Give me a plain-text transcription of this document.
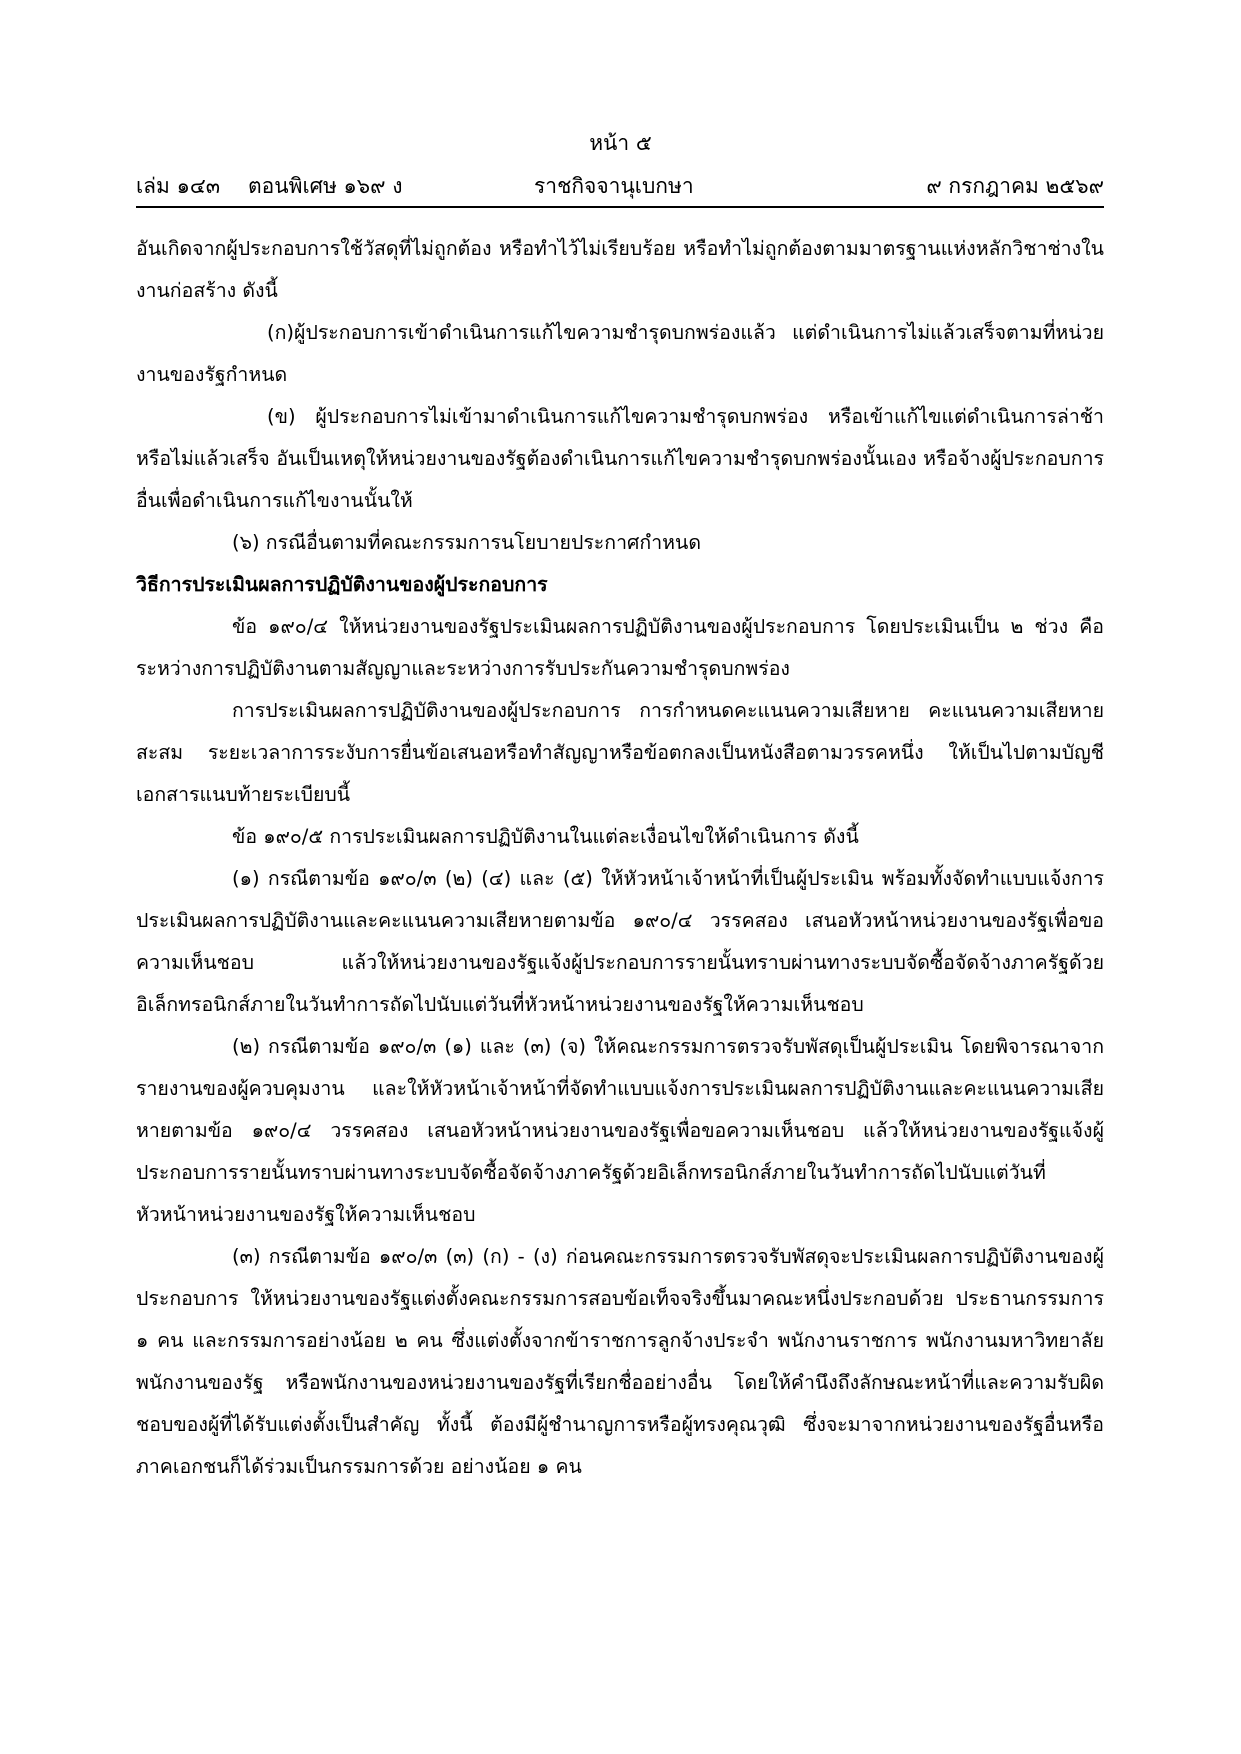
หน้า ๕
เล่ม ๑๔๓ ตอนพิเศษ ๑๖๙ ง	ราชกิจจานุเบกษา	๙ กรกฎาคม ๒๕๖๙

อันเกิดจากผู้ประกอบการใช้วัสดุที่ไม่ถูกต้อง หรือทำไว้ไม่เรียบร้อย หรือทำไม่ถูกต้องตามมาตรฐานแห่งหลักวิชาช่างในงานก่อสร้าง ดังนี้

(ก)ผู้ประกอบการเข้าดำเนินการแก้ไขความชำรุดบกพร่องแล้ว แต่ดำเนินการไม่แล้วเสร็จตามที่หน่วยงานของรัฐกำหนด

(ข) ผู้ประกอบการไม่เข้ามาดำเนินการแก้ไขความชำรุดบกพร่อง หรือเข้าแก้ไขแต่ดำเนินการล่าช้าหรือไม่แล้วเสร็จ อันเป็นเหตุให้หน่วยงานของรัฐต้องดำเนินการแก้ไขความชำรุดบกพร่องนั้นเอง หรือจ้างผู้ประกอบการอื่นเพื่อดำเนินการแก้ไขงานนั้นให้

(๖) กรณีอื่นตามที่คณะกรรมการนโยบายประกาศกำหนด

วิธีการประเมินผลการปฏิบัติงานของผู้ประกอบการ

ข้อ ๑๙๐/๔ ให้หน่วยงานของรัฐประเมินผลการปฏิบัติงานของผู้ประกอบการ โดยประเมินเป็น ๒ ช่วง คือ ระหว่างการปฏิบัติงานตามสัญญาและระหว่างการรับประกันความชำรุดบกพร่อง

การประเมินผลการปฏิบัติงานของผู้ประกอบการ การกำหนดคะแนนความเสียหาย คะแนนความเสียหายสะสม ระยะเวลาการระงับการยื่นข้อเสนอหรือทำสัญญาหรือข้อตกลงเป็นหนังสือตามวรรคหนึ่ง ให้เป็นไปตามบัญชีเอกสารแนบท้ายระเบียบนี้

ข้อ ๑๙๐/๕ การประเมินผลการปฏิบัติงานในแต่ละเงื่อนไขให้ดำเนินการ ดังนี้

(๑) กรณีตามข้อ ๑๙๐/๓ (๒) (๔) และ (๕) ให้หัวหน้าเจ้าหน้าที่เป็นผู้ประเมิน พร้อมทั้งจัดทำแบบแจ้งการประเมินผลการปฏิบัติงานและคะแนนความเสียหายตามข้อ ๑๙๐/๔ วรรคสอง เสนอหัวหน้าหน่วยงานของรัฐเพื่อขอความเห็นชอบ แล้วให้หน่วยงานของรัฐแจ้งผู้ประกอบการรายนั้นทราบผ่านทางระบบจัดซื้อจัดจ้างภาครัฐด้วยอิเล็กทรอนิกส์ภายในวันทำการถัดไปนับแต่วันที่หัวหน้าหน่วยงานของรัฐให้ความเห็นชอบ

(๒) กรณีตามข้อ ๑๙๐/๓ (๑) และ (๓) (จ) ให้คณะกรรมการตรวจรับพัสดุเป็นผู้ประเมิน โดยพิจารณาจากรายงานของผู้ควบคุมงาน และให้หัวหน้าเจ้าหน้าที่จัดทำแบบแจ้งการประเมินผลการปฏิบัติงานและคะแนนความเสียหายตามข้อ ๑๙๐/๔ วรรคสอง เสนอหัวหน้าหน่วยงานของรัฐเพื่อขอความเห็นชอบ แล้วให้หน่วยงานของรัฐแจ้งผู้ประกอบการรายนั้นทราบผ่านทางระบบจัดซื้อจัดจ้างภาครัฐด้วยอิเล็กทรอนิกส์ภายในวันทำการถัดไปนับแต่วันที่หัวหน้าหน่วยงานของรัฐให้ความเห็นชอบ

(๓) กรณีตามข้อ ๑๙๐/๓ (๓) (ก) - (ง) ก่อนคณะกรรมการตรวจรับพัสดุจะประเมินผลการปฏิบัติงานของผู้ประกอบการ ให้หน่วยงานของรัฐแต่งตั้งคณะกรรมการสอบข้อเท็จจริงขึ้นมาคณะหนึ่งประกอบด้วย ประธานกรรมการ ๑ คน และกรรมการอย่างน้อย ๒ คน ซึ่งแต่งตั้งจากข้าราชการลูกจ้างประจำ พนักงานราชการ พนักงานมหาวิทยาลัย พนักงานของรัฐ หรือพนักงานของหน่วยงานของรัฐที่เรียกชื่ออย่างอื่น โดยให้คำนึงถึงลักษณะหน้าที่และความรับผิดชอบของผู้ที่ได้รับแต่งตั้งเป็นสำคัญ ทั้งนี้ ต้องมีผู้ชำนาญการหรือผู้ทรงคุณวุฒิ ซึ่งจะมาจากหน่วยงานของรัฐอื่นหรือภาคเอกชนก็ได้ร่วมเป็นกรรมการด้วย อย่างน้อย ๑ คน
